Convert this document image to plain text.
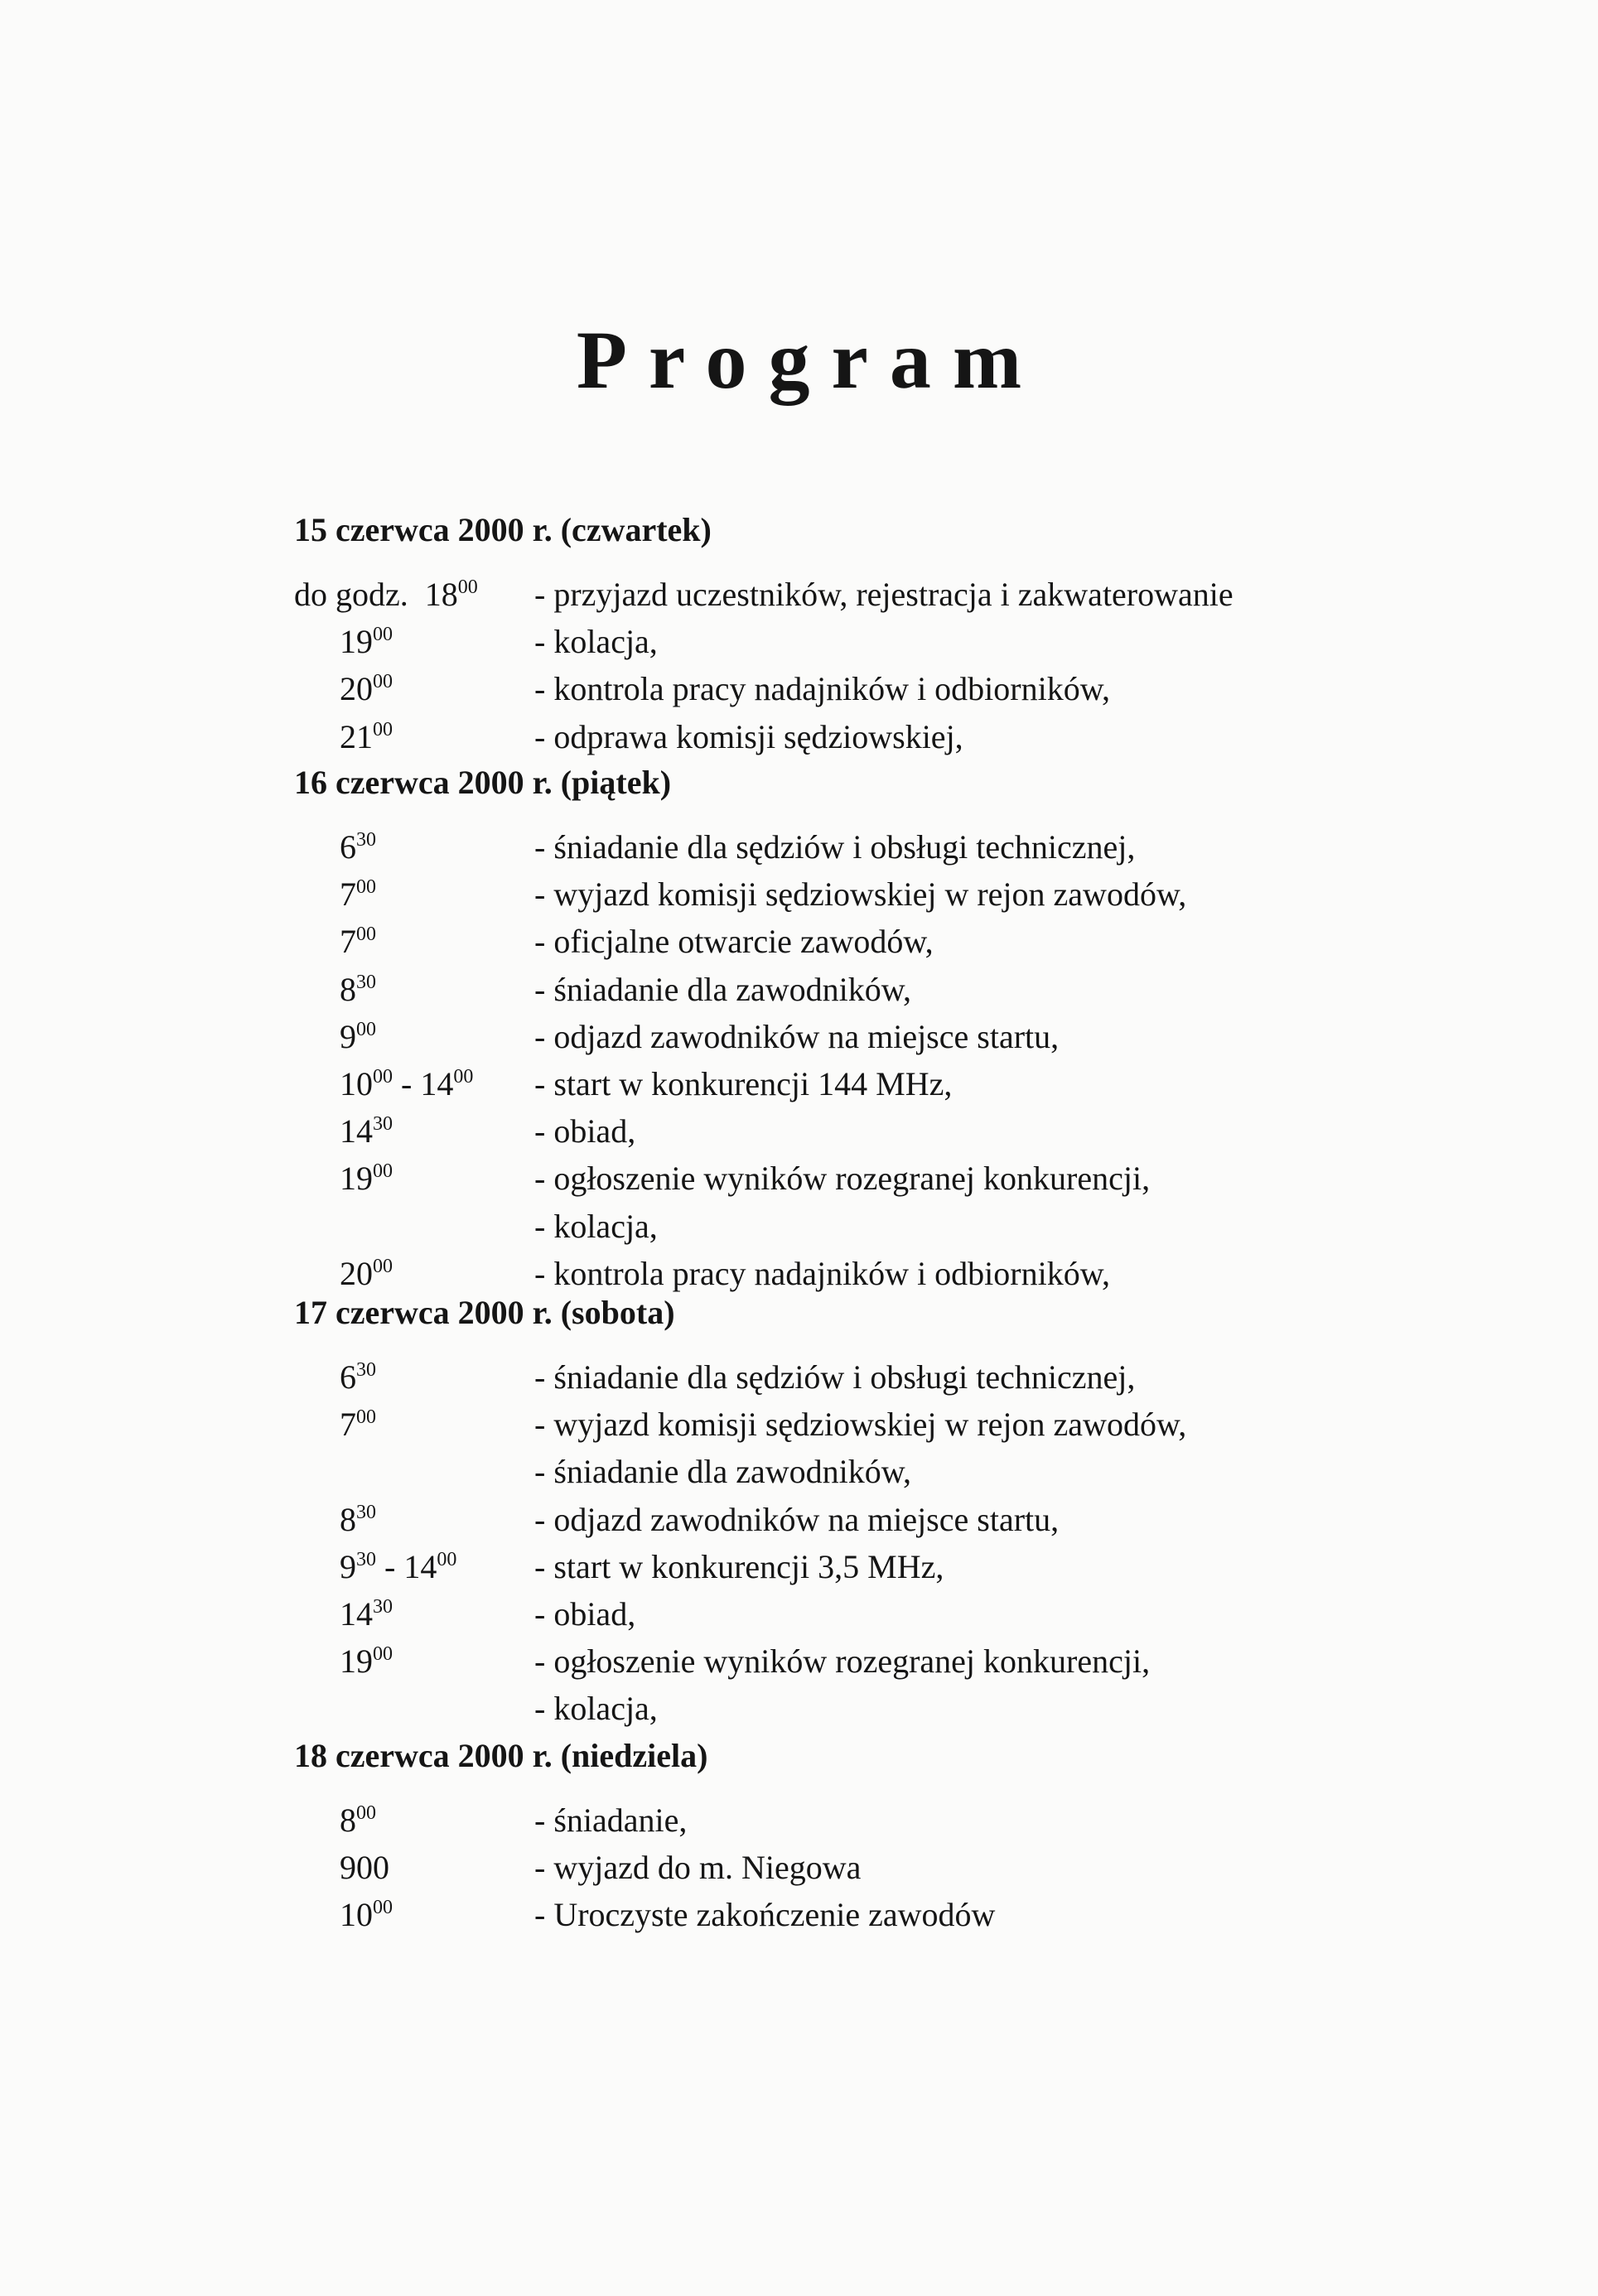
Program
15 czerwca 2000 r. (czwartek)
do godz. $18^{00}$ - przyjazd uczestników, rejestracja i zakwaterowanie
$19^{00}$	- kolacja,
$20^{00}$	- kontrola pracy nadajników i odbiorników,
$21^{00}$	- odprawa komisji sędziowskiej,
16 czerwca 2000 r. (piątek)
$6^{30}$	- śniadanie dla sędziów i obsługi technicznej,
$7^{00}$	- wyjazd komisji sędziowskiej w rejon zawodów,
$7^{00}$	- oficjalne otwarcie zawodów,
$8^{30}$	- śniadanie dla zawodników,
$9^{00}$	- odjazd zawodników na miejsce startu,
$10^{00} - 14^{00}$ - start w konkurencji 144 MHz,
$14^{30}$	- obiad,
$19^{00}$	- ogłoszenie wyników rozegranej konkurencji,
- kolacja,
$20^{00}$	- kontrola pracy nadajników i odbiorników,
17 czerwca 2000 r. (sobota)
$6^{30}$	- śniadanie dla sędziów i obsługi technicznej,
$7^{00}$	- wyjazd komisji sędziowskiej w rejon zawodów,
- śniadanie dla zawodników,
$8^{30}$	- odjazd zawodników na miejsce startu,
$9^{30} - 14^{00}$ - start w konkurencji 3,5 MHz,
$14^{30}$	- obiad,
$19^{00}$	- ogłoszenie wyników rozegranej konkurencji,
- kolacja,
18 czerwca 2000 r. (niedziela)
$8^{00}$	- śniadanie,
900	- wyjazd do m. Niegowa
$10^{00}$	- Uroczyste zakończenie zawodów
